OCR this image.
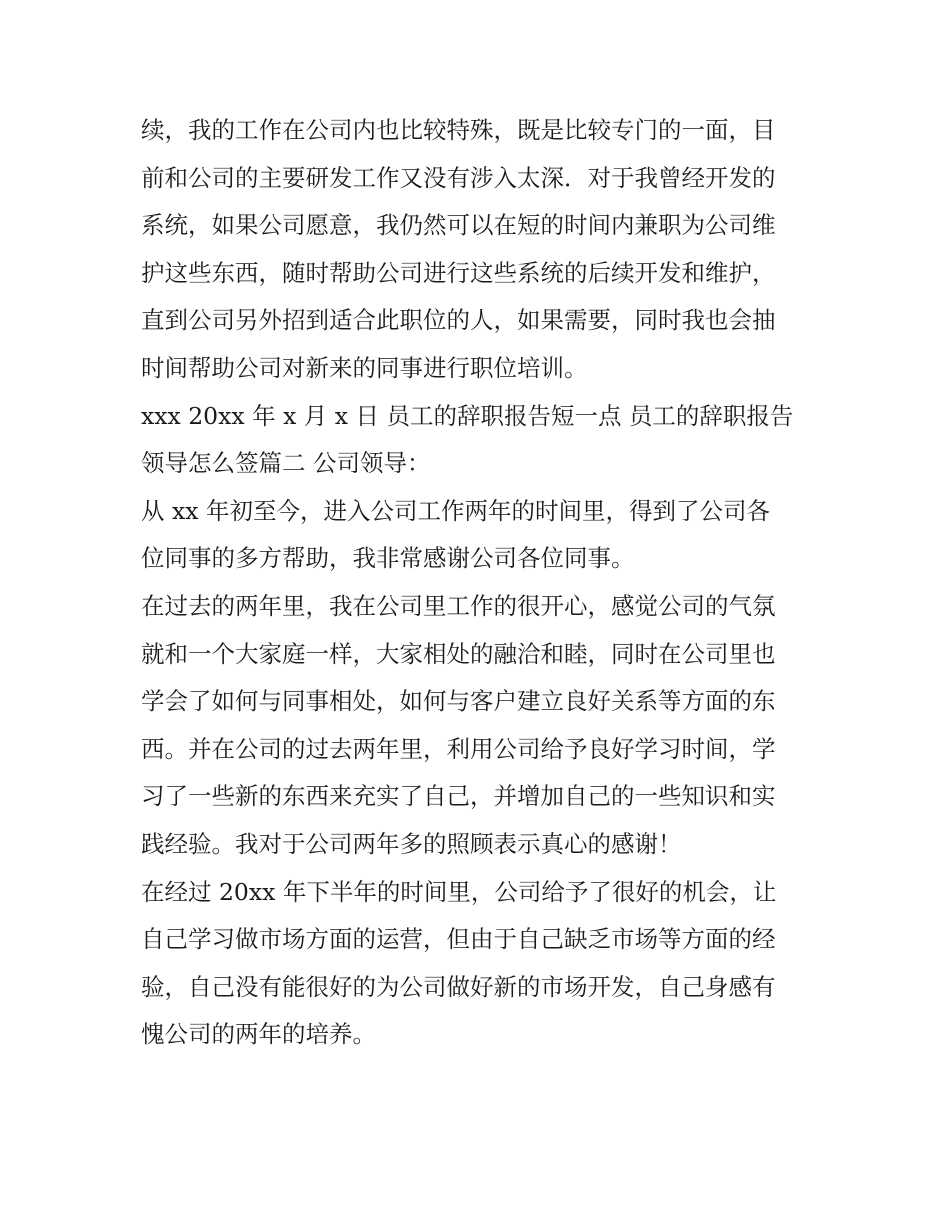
续，我的工作在公司内也比较特殊，既是比较专门的一面，目
前和公司的主要研发工作又没有涉入太深．对于我曾经开发的
系统，如果公司愿意，我仍然可以在短的时间内兼职为公司维
护这些东西，随时帮助公司进行这些系统的后续开发和维护，
直到公司另外招到适合此职位的人，如果需要，同时我也会抽
时间帮助公司对新来的同事进行职位培训。
xxx 20xx 年 x 月 x 日 员工的辞职报告短一点 员工的辞职报告
领导怎么签篇二 公司领导：
从 xx 年初至今，进入公司工作两年的时间里，得到了公司各
位同事的多方帮助，我非常感谢公司各位同事。
在过去的两年里，我在公司里工作的很开心，感觉公司的气氛
就和一个大家庭一样，大家相处的融洽和睦，同时在公司里也
学会了如何与同事相处，如何与客户建立良好关系等方面的东
西。并在公司的过去两年里，利用公司给予良好学习时间，学
习了一些新的东西来充实了自己，并增加自己的一些知识和实
践经验。我对于公司两年多的照顾表示真心的感谢！
在经过 20xx 年下半年的时间里，公司给予了很好的机会，让
自己学习做市场方面的运营，但由于自己缺乏市场等方面的经
验，自己没有能很好的为公司做好新的市场开发，自己身感有
愧公司的两年的培养。
